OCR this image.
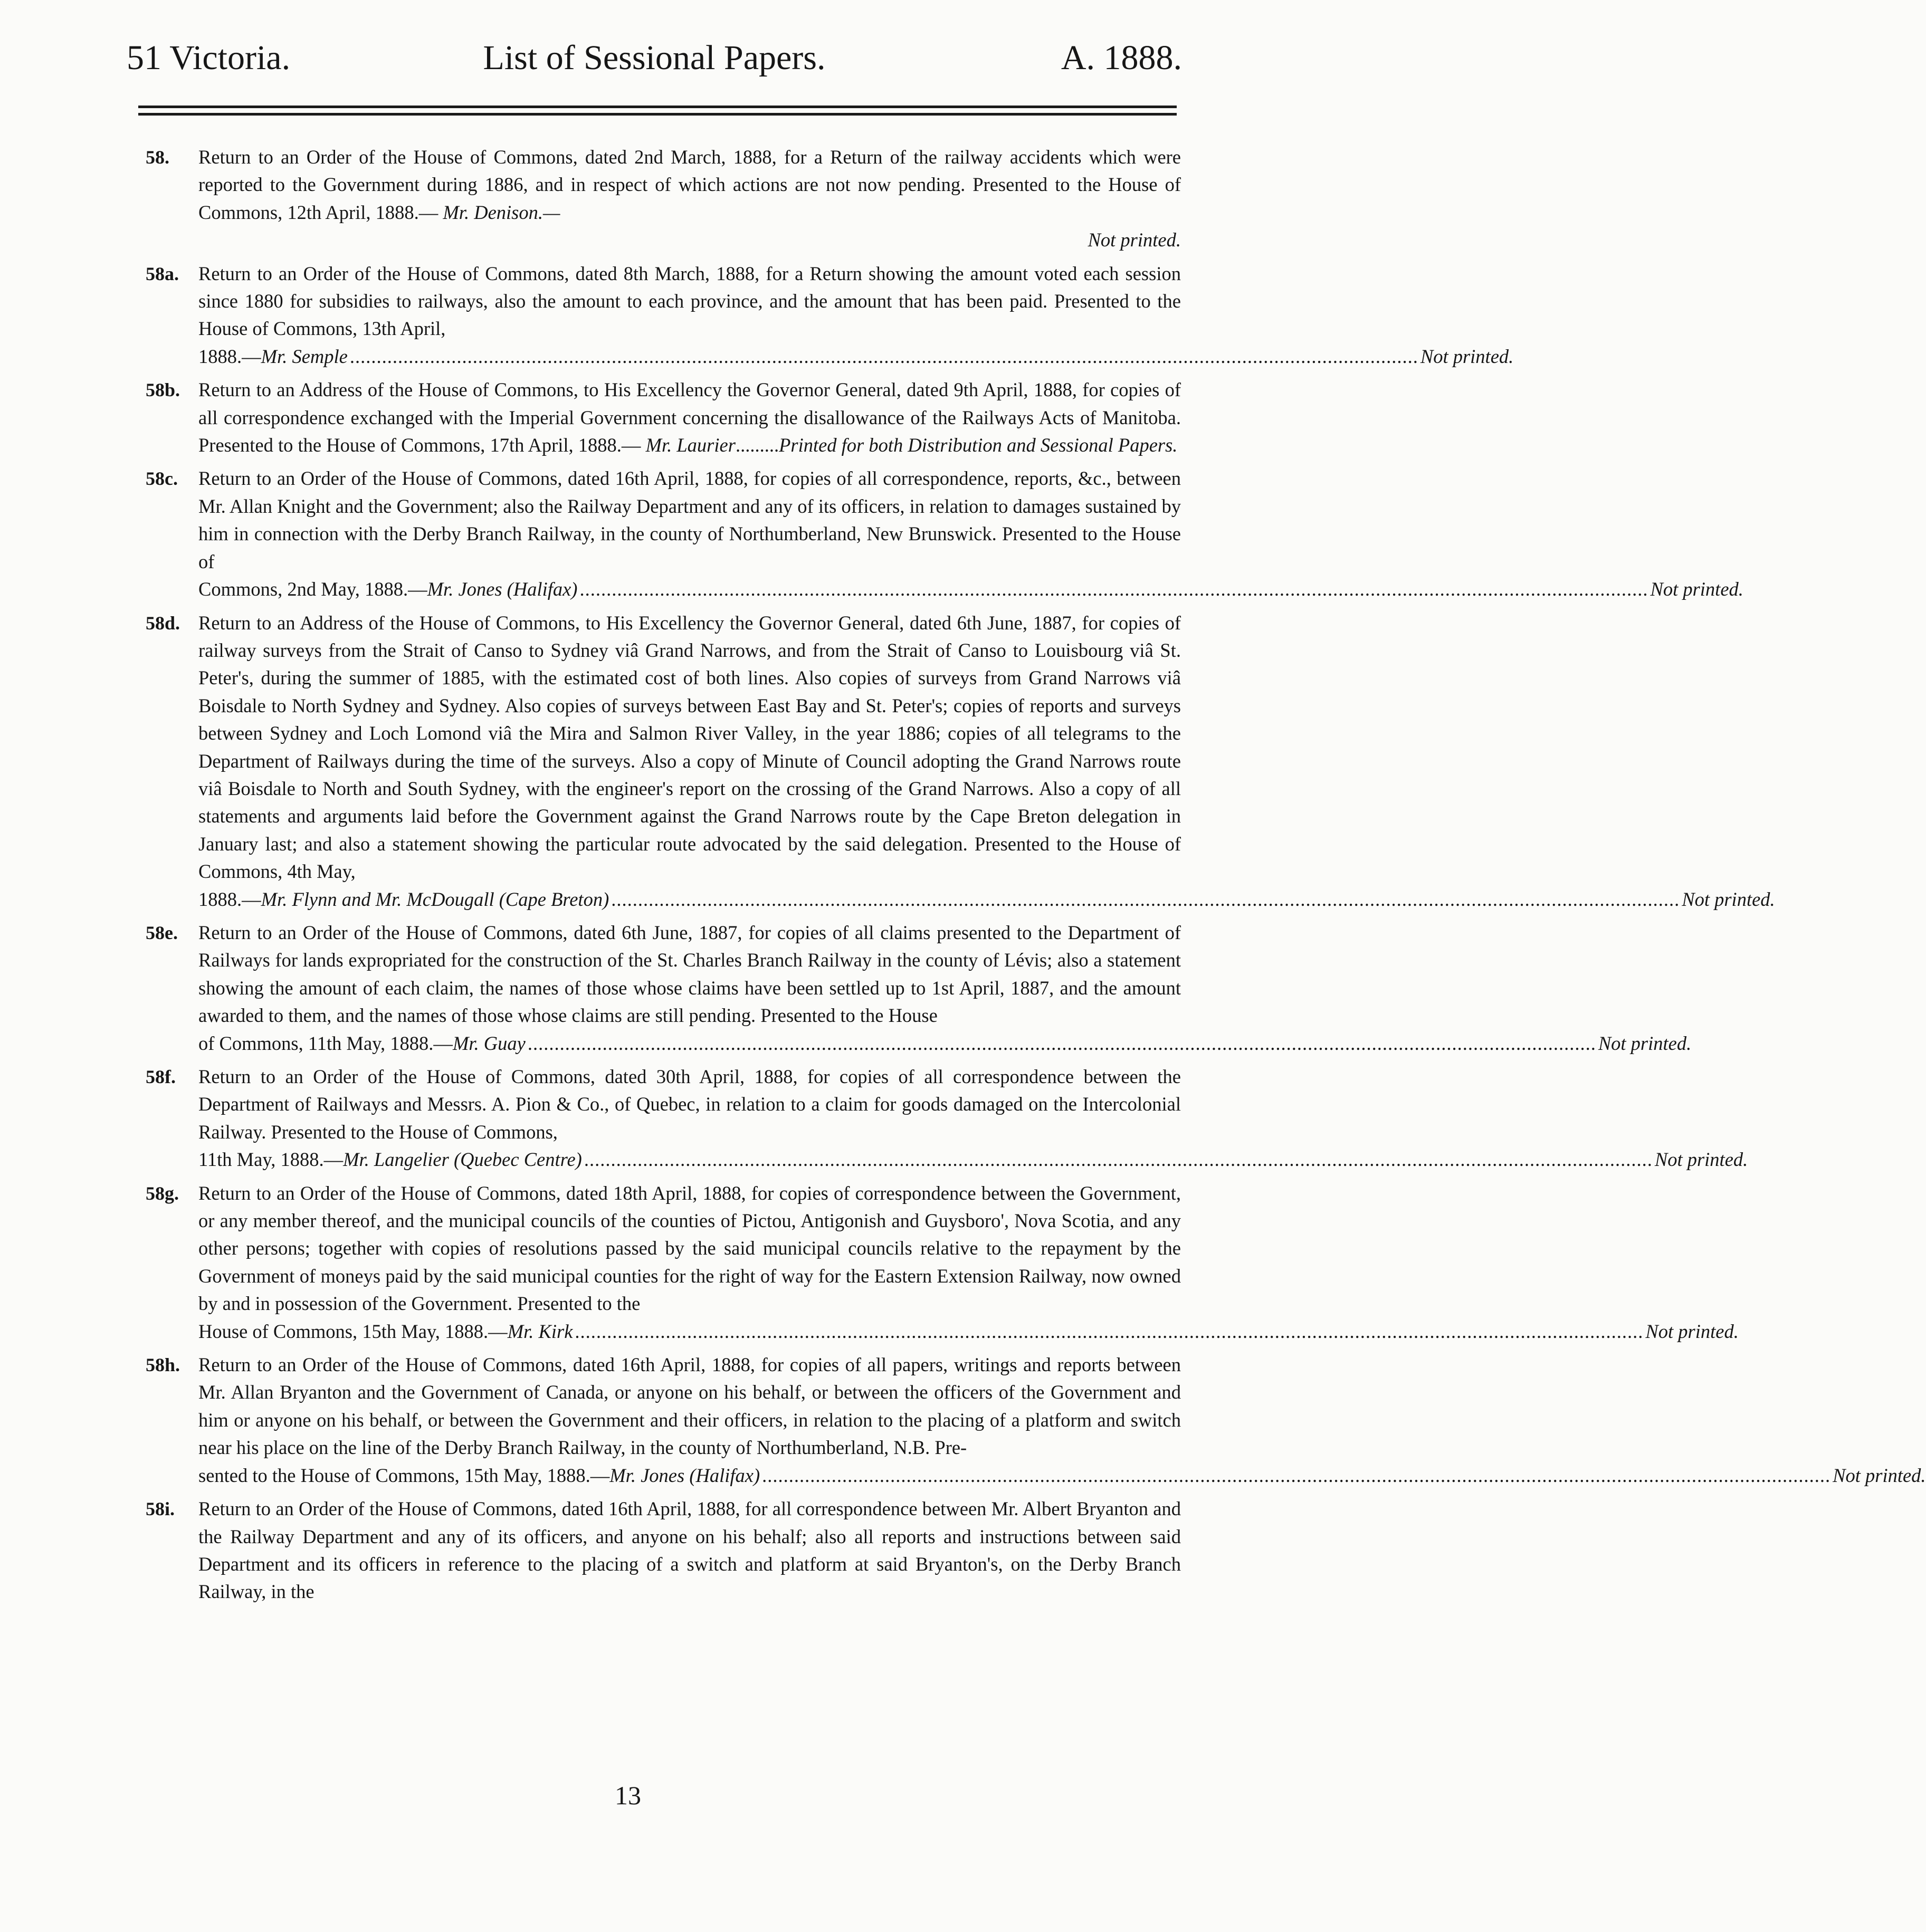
51 Victoria.	List of Sessional Papers.	A. 1888.
58. Return to an Order of the House of Commons, dated 2nd March, 1888, for a Return of the railway accidents which were reported to the Government during 1886, and in respect of which actions are not now pending. Presented to the House of Commons, 12th April, 1888.— Mr. Denison.—
Not printed.
58a. Return to an Order of the House of Commons, dated 8th March, 1888, for a Return showing the amount voted each session since 1880 for subsidies to railways, also the amount to each province, and the amount that has been paid. Presented to the House of Commons, 13th April,
1888.—Mr. Semple ........................................................................................................................................................................................................ Not printed.
58b. Return to an Address of the House of Commons, to His Excellency the Governor General, dated 9th April, 1888, for copies of all correspondence exchanged with the Imperial Government concerning the disallowance of the Railways Acts of Manitoba. Presented to the House of Commons, 17th April, 1888.— Mr. Laurier.........Printed for both Distribution and Sessional Papers.
58c. Return to an Order of the House of Commons, dated 16th April, 1888, for copies of all correspondence, reports, &c., between Mr. Allan Knight and the Government; also the Railway Department and any of its officers, in relation to damages sustained by him in connection with the Derby Branch Railway, in the county of Northumberland, New Brunswick. Presented to the House of
Commons, 2nd May, 1888.—Mr. Jones (Halifax) ........................................................................................................................................................................................................ Not printed.
58d. Return to an Address of the House of Commons, to His Excellency the Governor General, dated 6th June, 1887, for copies of railway surveys from the Strait of Canso to Sydney viâ Grand Narrows, and from the Strait of Canso to Louisbourg viâ St. Peter's, during the summer of 1885, with the estimated cost of both lines. Also copies of surveys from Grand Narrows viâ Boisdale to North Sydney and Sydney. Also copies of surveys between East Bay and St. Peter's; copies of reports and surveys between Sydney and Loch Lomond viâ the Mira and Salmon River Valley, in the year 1886; copies of all telegrams to the Department of Railways during the time of the surveys. Also a copy of Minute of Council adopting the Grand Narrows route viâ Boisdale to North and South Sydney, with the engineer's report on the crossing of the Grand Narrows. Also a copy of all statements and arguments laid before the Government against the Grand Narrows route by the Cape Breton delegation in January last; and also a statement showing the particular route advocated by the said delegation. Presented to the House of Commons, 4th May,
1888.—Mr. Flynn and Mr. McDougall (Cape Breton) ........................................................................................................................................................................................................ Not printed.
58e. Return to an Order of the House of Commons, dated 6th June, 1887, for copies of all claims presented to the Department of Railways for lands expropriated for the construction of the St. Charles Branch Railway in the county of Lévis; also a statement showing the amount of each claim, the names of those whose claims have been settled up to 1st April, 1887, and the amount awarded to them, and the names of those whose claims are still pending. Presented to the House
of Commons, 11th May, 1888.—Mr. Guay ........................................................................................................................................................................................................ Not printed.
58f. Return to an Order of the House of Commons, dated 30th April, 1888, for copies of all correspondence between the Department of Railways and Messrs. A. Pion & Co., of Quebec, in relation to a claim for goods damaged on the Intercolonial Railway. Presented to the House of Commons,
11th May, 1888.—Mr. Langelier (Quebec Centre) ........................................................................................................................................................................................................ Not printed.
58g. Return to an Order of the House of Commons, dated 18th April, 1888, for copies of correspondence between the Government, or any member thereof, and the municipal councils of the counties of Pictou, Antigonish and Guysboro', Nova Scotia, and any other persons; together with copies of resolutions passed by the said municipal councils relative to the repayment by the Government of moneys paid by the said municipal counties for the right of way for the Eastern Extension Railway, now owned by and in possession of the Government. Presented to the
House of Commons, 15th May, 1888.—Mr. Kirk ........................................................................................................................................................................................................ Not printed.
58h. Return to an Order of the House of Commons, dated 16th April, 1888, for copies of all papers, writings and reports between Mr. Allan Bryanton and the Government of Canada, or anyone on his behalf, or between the officers of the Government and him or anyone on his behalf, or between the Government and their officers, in relation to the placing of a platform and switch near his place on the line of the Derby Branch Railway, in the county of Northumberland, N.B. Pre-
sented to the House of Commons, 15th May, 1888.—Mr. Jones (Halifax) ........................................................................................................................................................................................................ Not printed.
58i. Return to an Order of the House of Commons, dated 16th April, 1888, for all correspondence between Mr. Albert Bryanton and the Railway Department and any of its officers, and anyone on his behalf; also all reports and instructions between said Department and its officers in reference to the placing of a switch and platform at said Bryanton's, on the Derby Branch Railway, in the
13
